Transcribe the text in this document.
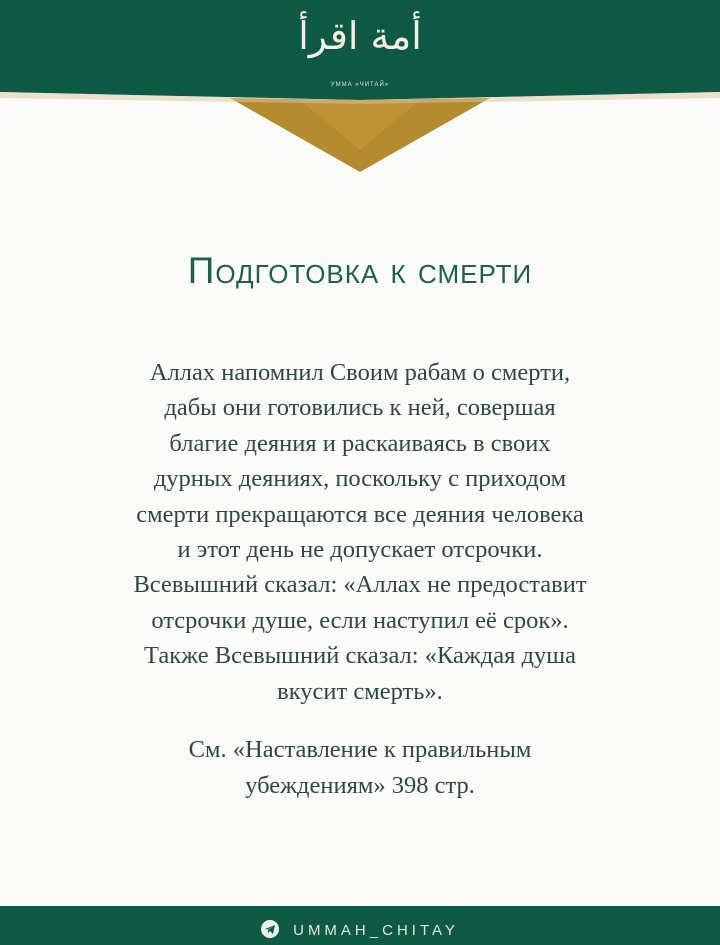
أمة اقرأ
УММА «ЧИТАЙ»
Подготовка к смерти
Аллах напомнил Своим рабам о смерти,
дабы они готовились к ней, совершая
благие деяния и раскаиваясь в своих
дурных деяниях, поскольку с приходом
смерти прекращаются все деяния человека
и этот день не допускает отсрочки.
Всевышний сказал: «Аллах не предоставит
отсрочки душе, если наступил её срок».
Также Всевышний сказал: «Каждая душа
вкусит смерть».
См. «Наставление к правильным
убеждениям» 398 стр.
UMMAH_CHITAY
